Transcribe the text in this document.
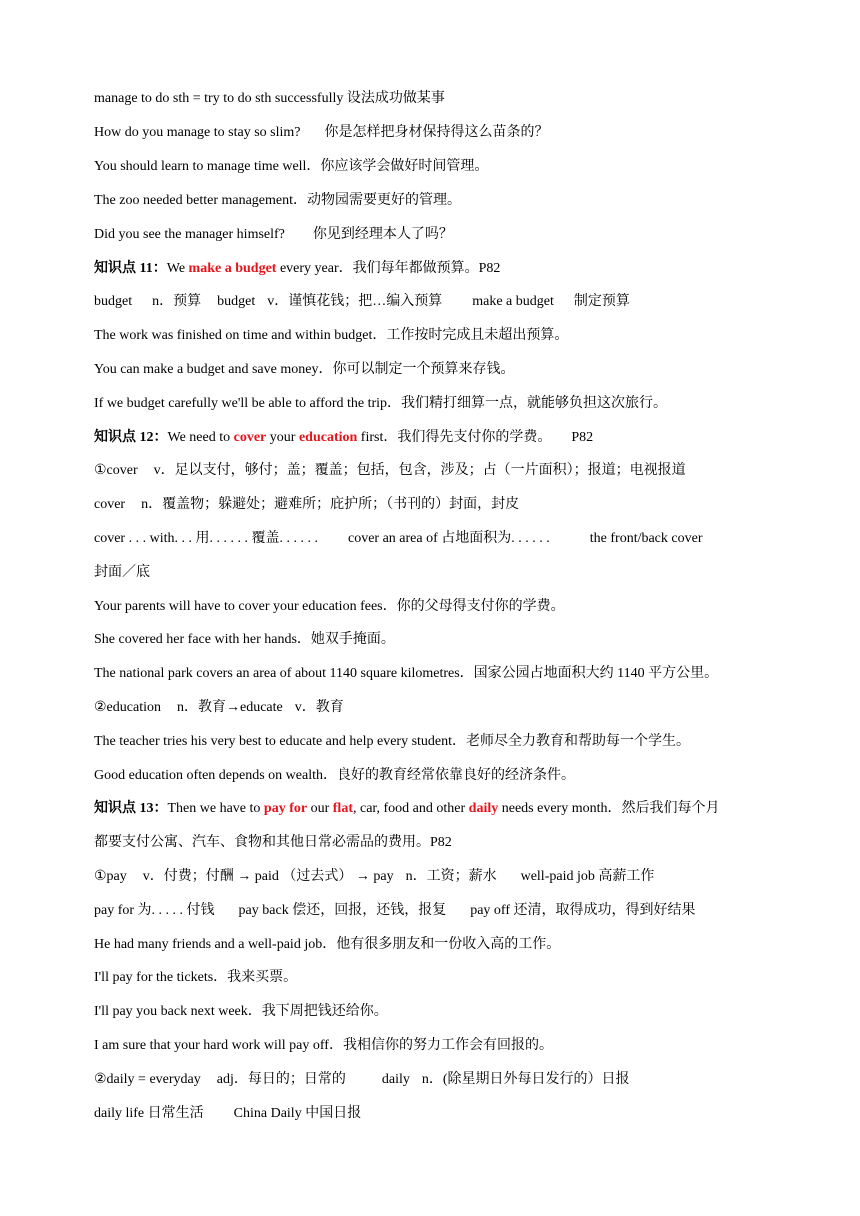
manage to do sth = try to do sth successfully 设法成功做某事
How do you manage to stay so slim? 你是怎样把身材保持得这么苗条的？
You should learn to manage time well．你应该学会做好时间管理。
The zoo needed better management．动物园需要更好的管理。
Did you see the manager himself? 你见到经理本人了吗？
知识点 11：We make a budget every year．我们每年都做预算。P82
budget n．预算 budget v．谨慎花钱；把…编入预算 make a budget 制定预算
The work was finished on time and within budget．工作按时完成且未超出预算。
You can make a budget and save money．你可以制定一个预算来存钱。
If we budget carefully we'll be able to afford the trip．我们精打细算一点，就能够负担这次旅行。
知识点 12：We need to cover your education first．我们得先支付你的学费。 P82
①cover v．足以支付，够付；盖；覆盖；包括，包含，涉及；占（一片面积）；报道；电视报道
cover n．覆盖物；躲避处；避难所；庇护所；（书刊的）封面，封皮
cover . . . with. . . 用. . . . . . 覆盖. . . . . . cover an area of 占地面积为. . . . . .	the front/back cover
封面／底
Your parents will have to cover your education fees．你的父母得支付你的学费。
She covered her face with her hands．她双手掩面。
The national park covers an area of about 1140 square kilometres．国家公园占地面积大约 1140 平方公里。
②education n．教育→educate v．教育
The teacher tries his very best to educate and help every student．老师尽全力教育和帮助每一个学生。
Good education often depends on wealth．良好的教育经常依靠良好的经济条件。
知识点 13：Then we have to pay for our flat, car, food and other daily needs every month．然后我们每个月
都要支付公寓、汽车、食物和其他日常必需品的费用。P82
①pay v．付费；付酬 → paid （过去式） → pay n．工资；薪水 well-paid job 高薪工作
pay for 为. . . . . 付钱 pay back 偿还，回报，还钱，报复 pay off 还清，取得成功，得到好结果
He had many friends and a well-paid job．他有很多朋友和一份收入高的工作。
I'll pay for the tickets．我来买票。
I'll pay you back next week．我下周把钱还给你。
I am sure that your hard work will pay off．我相信你的努力工作会有回报的。
②daily = everyday adj．每日的；日常的	daily n．(除星期日外每日发行的）日报
daily life 日常生活 China Daily 中国日报
